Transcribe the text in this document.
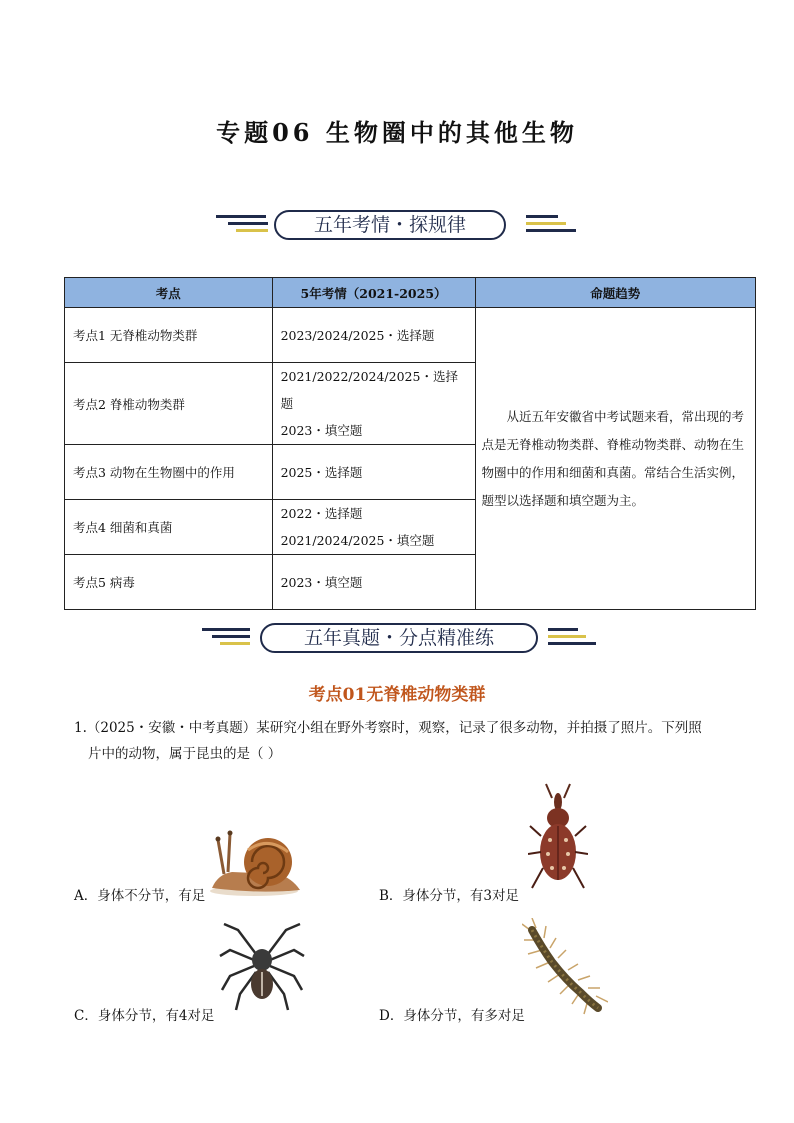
专题06 生物圈中的其他生物
五年考情・探规律
考点	5年考情（2021-2025）	命题趋势
考点1 无脊椎动物类群	2023/2024/2025・选择题	从近五年安徽省中考试题来看，常出现的考点是无脊椎动物类群、脊椎动物类群、动物在生物圈中的作用和细菌和真菌。常结合生活实例，题型以选择题和填空题为主。
考点2 脊椎动物类群	2021/2022/2024/2025・选择题
2023・填空题	

考点3 动物在生物圈中的作用	2025・选择题	

考点4 细菌和真菌	2022・选择题
2021/2024/2025・填空题	

考点5 病毒	2023・填空题	
五年真题・分点精准练
考点01无脊椎动物类群
1.（2025・安徽・中考真题）某研究小组在野外考察时，观察，记录了很多动物，并拍摄了照片。下列照
片中的动物，属于昆虫的是（ ）
A．身体不分节，有足	B．身体分节，有3对足
C．身体分节，有4对足	D．身体分节，有多对足
